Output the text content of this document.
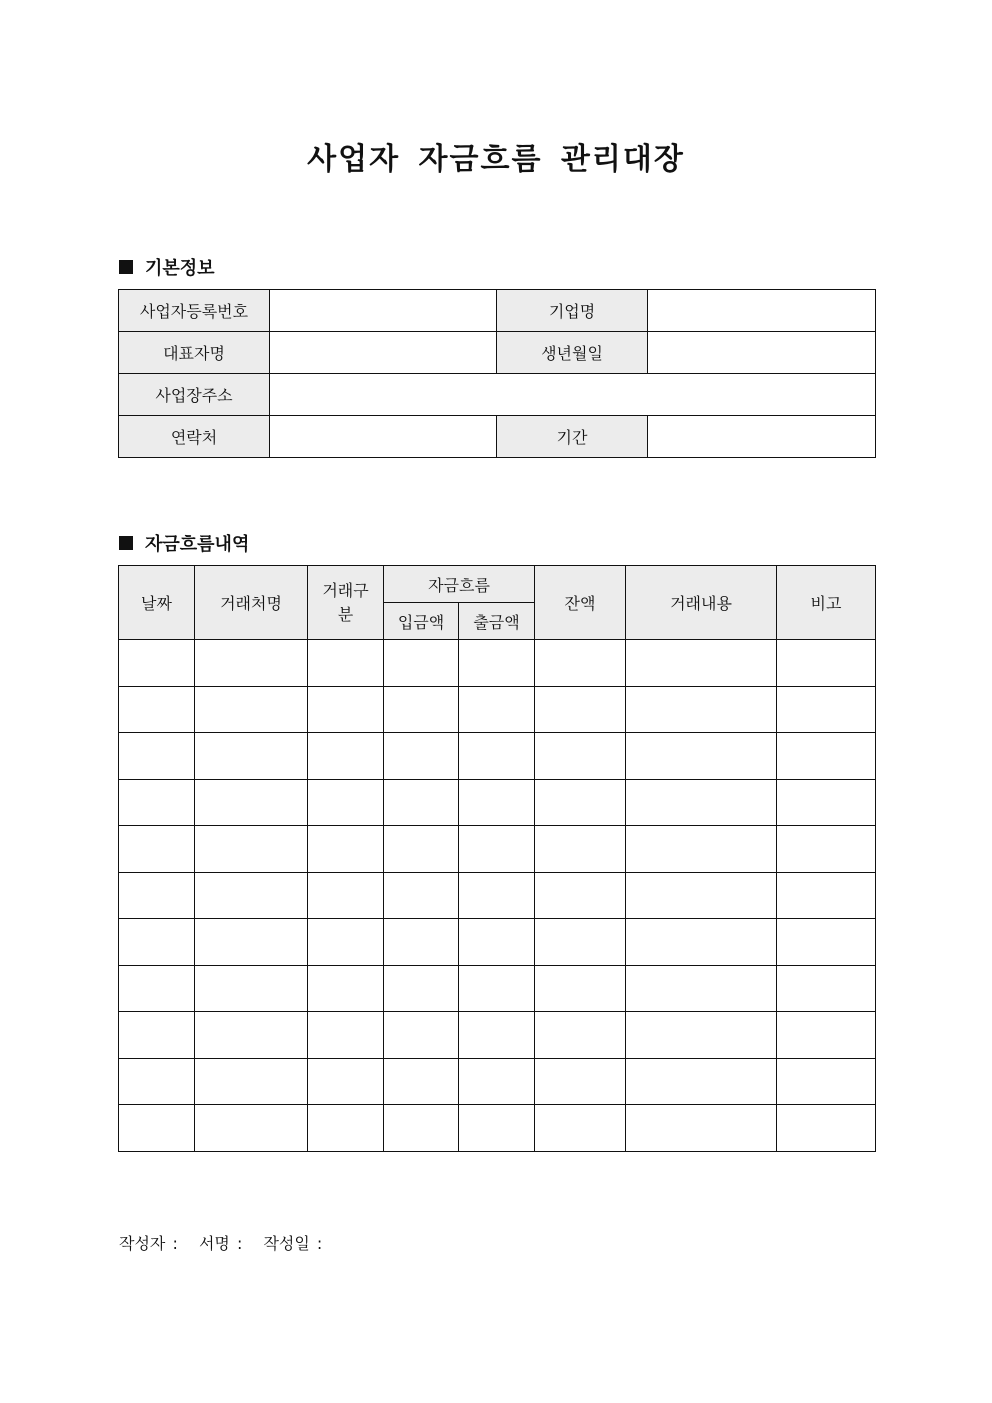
사업자 자금흐름 관리대장
기본정보
사업자등록번호		기업명	
대표자명		생년월일	
사업장주소			
연락처		기간	
자금흐름내역
날짜	거래처명	거래구분	자금흐름		잔액	거래내용	비고
			입금액	출금액			

작성자 : 서명 : 작성일 :
